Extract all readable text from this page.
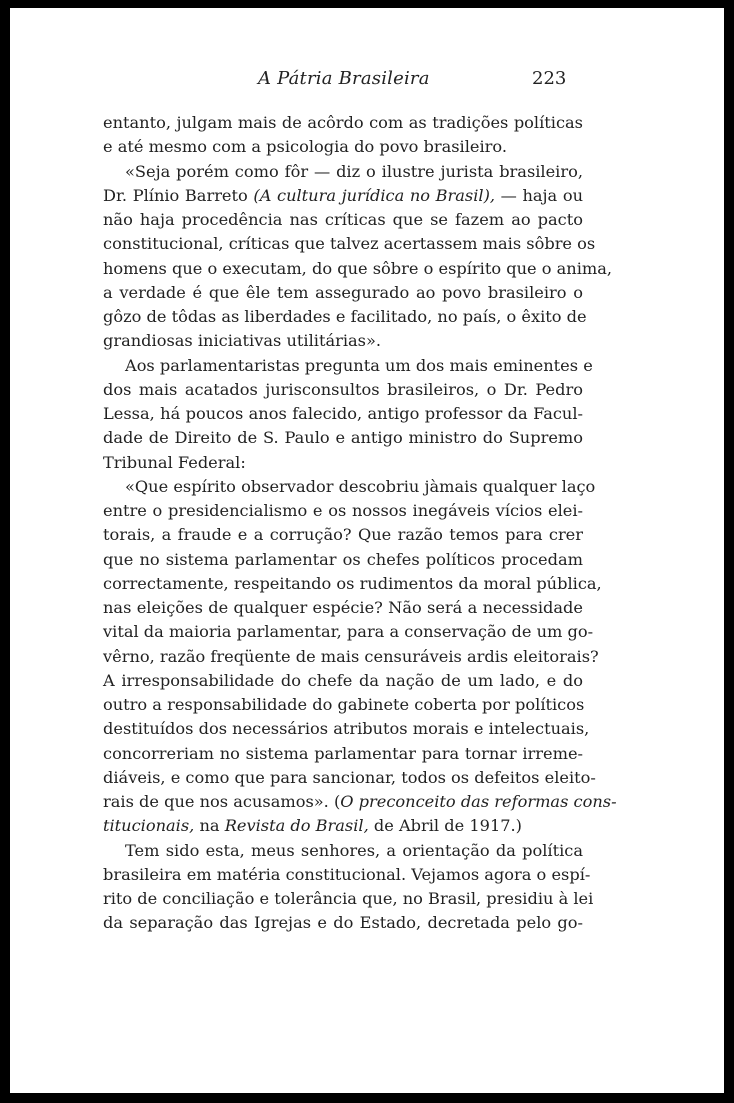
A Pátria Brasileira	223
entanto, julgam mais de acôrdo com as tradições políticas
e até mesmo com a psicologia do povo brasileiro.
«Seja porém como fôr — diz o ilustre jurista brasileiro,
Dr. Plínio Barreto (A cultura jurídica no Brasil), — haja ou
não haja procedência nas críticas que se fazem ao pacto
constitucional, críticas que talvez acertassem mais sôbre os
homens que o executam, do que sôbre o espírito que o anima,
a verdade é que êle tem assegurado ao povo brasileiro o
gôzo de tôdas as liberdades e facilitado, no país, o êxito de
grandiosas iniciativas utilitárias».
Aos parlamentaristas pregunta um dos mais eminentes e
dos mais acatados jurisconsultos brasileiros, o Dr. Pedro
Lessa, há poucos anos falecido, antigo professor da Facul-
dade de Direito de S. Paulo e antigo ministro do Supremo
Tribunal Federal:
«Que espírito observador descobriu jàmais qualquer laço
entre o presidencialismo e os nossos inegáveis vícios elei-
torais, a fraude e a corrução? Que razão temos para crer
que no sistema parlamentar os chefes políticos procedam
correctamente, respeitando os rudimentos da moral pública,
nas eleições de qualquer espécie? Não será a necessidade
vital da maioria parlamentar, para a conservação de um go-
vêrno, razão freqüente de mais censuráveis ardis eleitorais?
A irresponsabilidade do chefe da nação de um lado, e do
outro a responsabilidade do gabinete coberta por políticos
destituídos dos necessários atributos morais e intelectuais,
concorreriam no sistema parlamentar para tornar irreme-
diáveis, e como que para sancionar, todos os defeitos eleito-
rais de que nos acusamos». (O preconceito das reformas cons-
titucionais, na Revista do Brasil, de Abril de 1917.)
Tem sido esta, meus senhores, a orientação da política
brasileira em matéria constitucional. Vejamos agora o espí-
rito de conciliação e tolerância que, no Brasil, presidiu à lei
da separação das Igrejas e do Estado, decretada pelo go-
